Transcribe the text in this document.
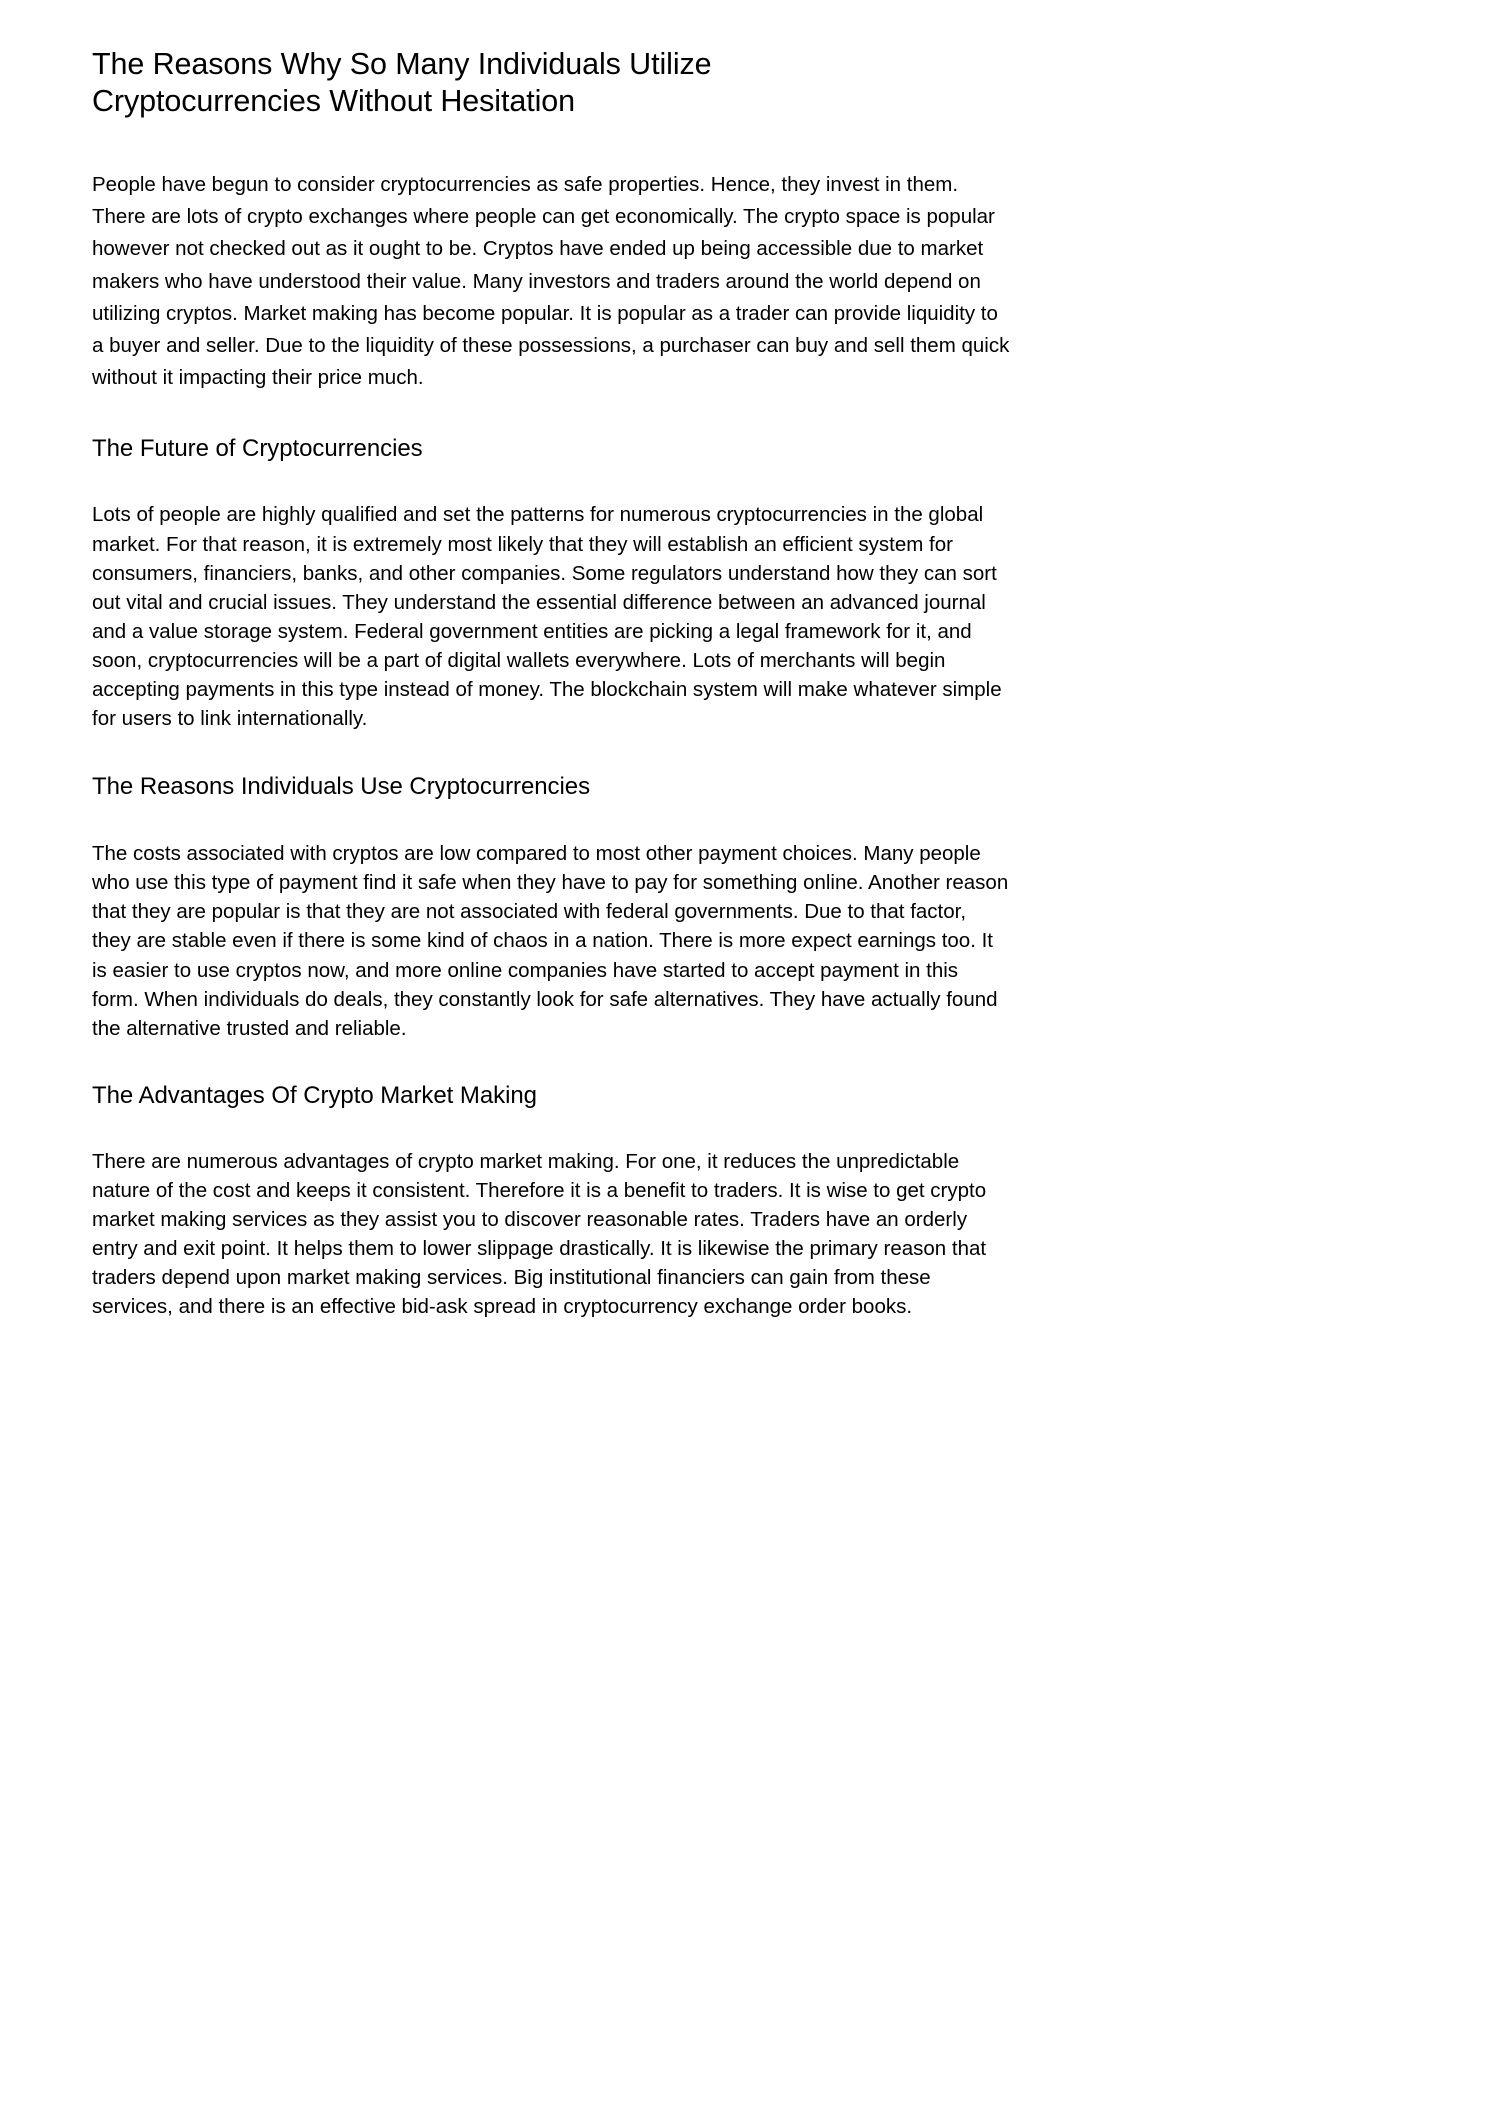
The Reasons Why So Many Individuals Utilize Cryptocurrencies Without Hesitation

People have begun to consider cryptocurrencies as safe properties. Hence, they invest in them. There are lots of crypto exchanges where people can get economically. The crypto space is popular however not checked out as it ought to be. Cryptos have ended up being accessible due to market makers who have understood their value. Many investors and traders around the world depend on utilizing cryptos. Market making has become popular. It is popular as a trader can provide liquidity to a buyer and seller. Due to the liquidity of these possessions, a purchaser can buy and sell them quick without it impacting their price much.

The Future of Cryptocurrencies

Lots of people are highly qualified and set the patterns for numerous cryptocurrencies in the global market. For that reason, it is extremely most likely that they will establish an efficient system for consumers, financiers, banks, and other companies. Some regulators understand how they can sort out vital and crucial issues. They understand the essential difference between an advanced journal and a value storage system. Federal government entities are picking a legal framework for it, and soon, cryptocurrencies will be a part of digital wallets everywhere. Lots of merchants will begin accepting payments in this type instead of money. The blockchain system will make whatever simple for users to link internationally.

The Reasons Individuals Use Cryptocurrencies

The costs associated with cryptos are low compared to most other payment choices. Many people who use this type of payment find it safe when they have to pay for something online. Another reason that they are popular is that they are not associated with federal governments. Due to that factor, they are stable even if there is some kind of chaos in a nation. There is more expect earnings too. It is easier to use cryptos now, and more online companies have started to accept payment in this form. When individuals do deals, they constantly look for safe alternatives. They have actually found the alternative trusted and reliable.

The Advantages Of Crypto Market Making

There are numerous advantages of crypto market making. For one, it reduces the unpredictable nature of the cost and keeps it consistent. Therefore it is a benefit to traders. It is wise to get crypto market making services as they assist you to discover reasonable rates. Traders have an orderly entry and exit point. It helps them to lower slippage drastically. It is likewise the primary reason that traders depend upon market making services. Big institutional financiers can gain from these services, and there is an effective bid-ask spread in cryptocurrency exchange order books.
